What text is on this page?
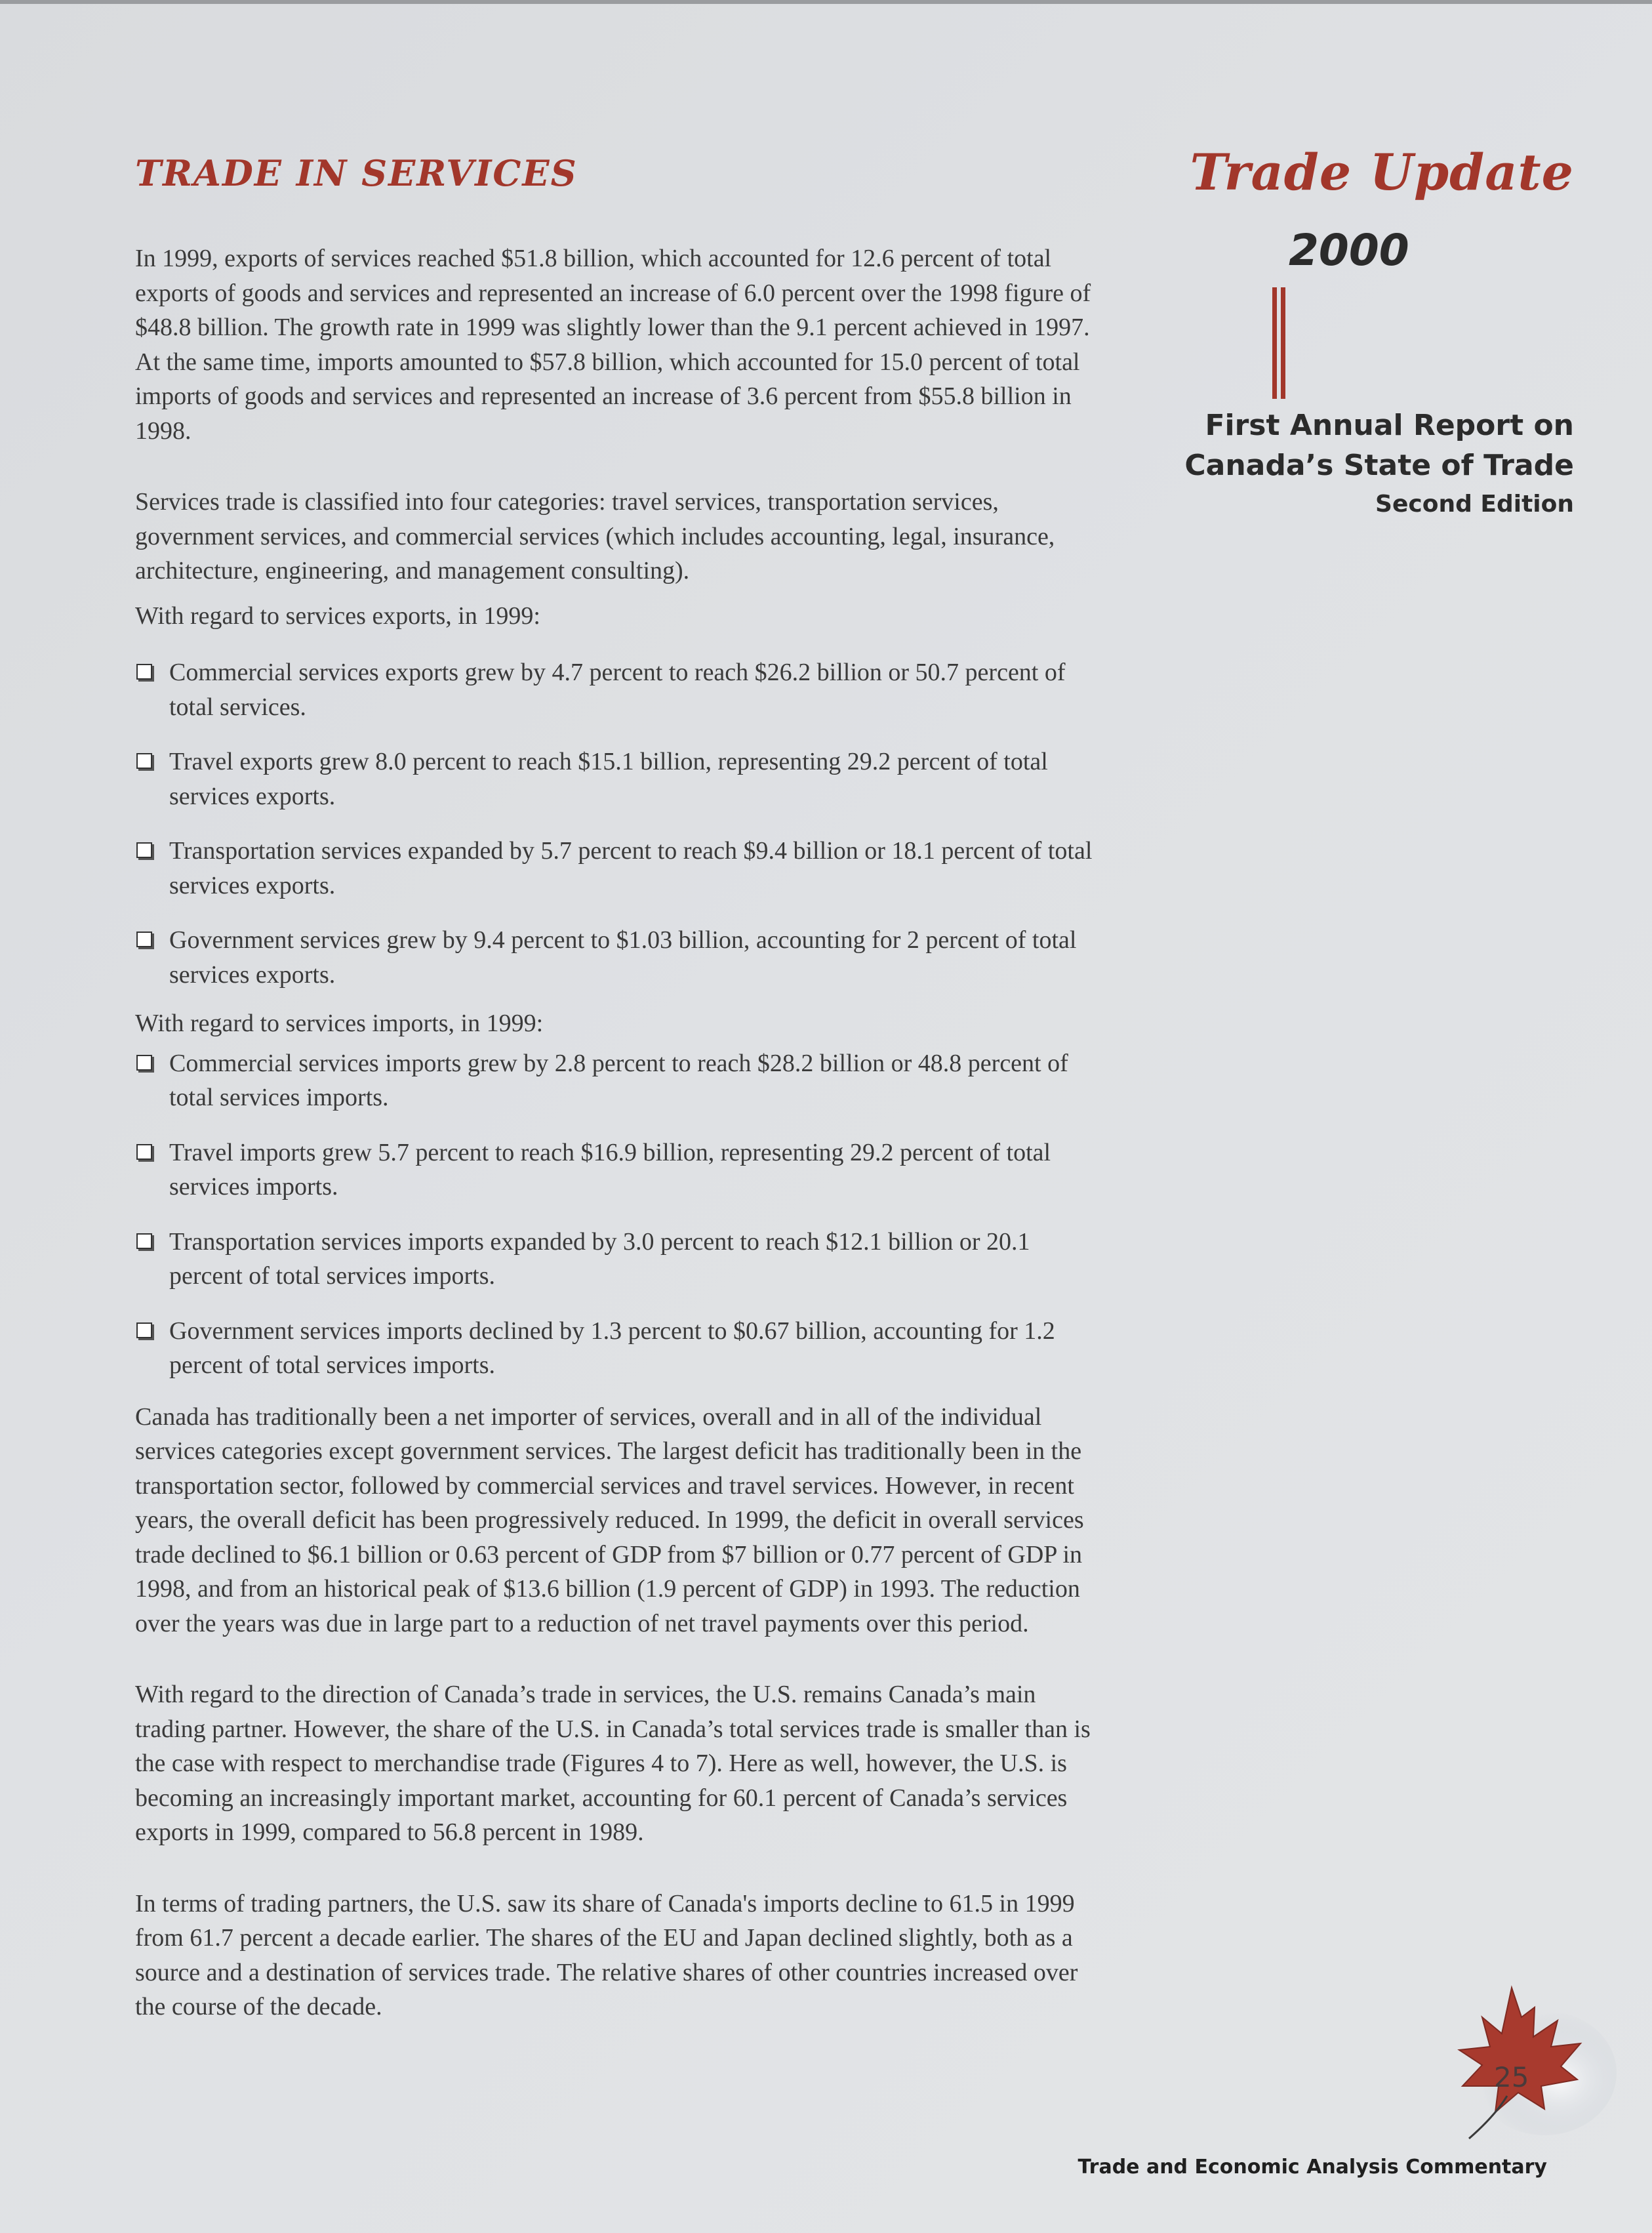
TRADE IN SERVICES

In 1999, exports of services reached $51.8 billion, which accounted for 12.6 percent of total exports of goods and services and represented an increase of 6.0 percent over the 1998 figure of $48.8 billion. The growth rate in 1999 was slightly lower than the 9.1 percent achieved in 1997. At the same time, imports amounted to $57.8 billion, which accounted for 15.0 percent of total imports of goods and services and represented an increase of 3.6 percent from $55.8 billion in 1998.

Services trade is classified into four categories: travel services, transportation services, government services, and commercial services (which includes accounting, legal, insurance, architecture, engineering, and management consulting).

With regard to services exports, in 1999:

Commercial services exports grew by 4.7 percent to reach $26.2 billion or 50.7 percent of total services.
Travel exports grew 8.0 percent to reach $15.1 billion, representing 29.2 percent of total services exports.
Transportation services expanded by 5.7 percent to reach $9.4 billion or 18.1 percent of total services exports.
Government services grew by 9.4 percent to $1.03 billion, accounting for 2 percent of total services exports.

With regard to services imports, in 1999:

Commercial services imports grew by 2.8 percent to reach $28.2 billion or 48.8 percent of total services imports.
Travel imports grew 5.7 percent to reach $16.9 billion, representing 29.2 percent of total services imports.
Transportation services imports expanded by 3.0 percent to reach $12.1 billion or 20.1 percent of total services imports.
Government services imports declined by 1.3 percent to $0.67 billion, accounting for 1.2 percent of total services imports.

Canada has traditionally been a net importer of services, overall and in all of the individual services categories except government services. The largest deficit has traditionally been in the transportation sector, followed by commercial services and travel services. However, in recent years, the overall deficit has been progressively reduced. In 1999, the deficit in overall services trade declined to $6.1 billion or 0.63 percent of GDP from $7 billion or 0.77 percent of GDP in 1998, and from an historical peak of $13.6 billion (1.9 percent of GDP) in 1993. The reduction over the years was due in large part to a reduction of net travel payments over this period.

With regard to the direction of Canada’s trade in services, the U.S. remains Canada’s main trading partner. However, the share of the U.S. in Canada’s total services trade is smaller than is the case with respect to merchandise trade (Figures 4 to 7). Here as well, however, the U.S. is becoming an increasingly important market, accounting for 60.1 percent of Canada’s services exports in 1999, compared to 56.8 percent in 1989.

In terms of trading partners, the U.S. saw its share of Canada's imports decline to 61.5 in 1999 from 61.7 percent a decade earlier. The shares of the EU and Japan declined slightly, both as a source and a destination of services trade. The relative shares of other countries increased over the course of the decade.

Trade Update
2000
First Annual Report on
Canada’s State of Trade
Second Edition
25
Trade and Economic Analysis Commentary
